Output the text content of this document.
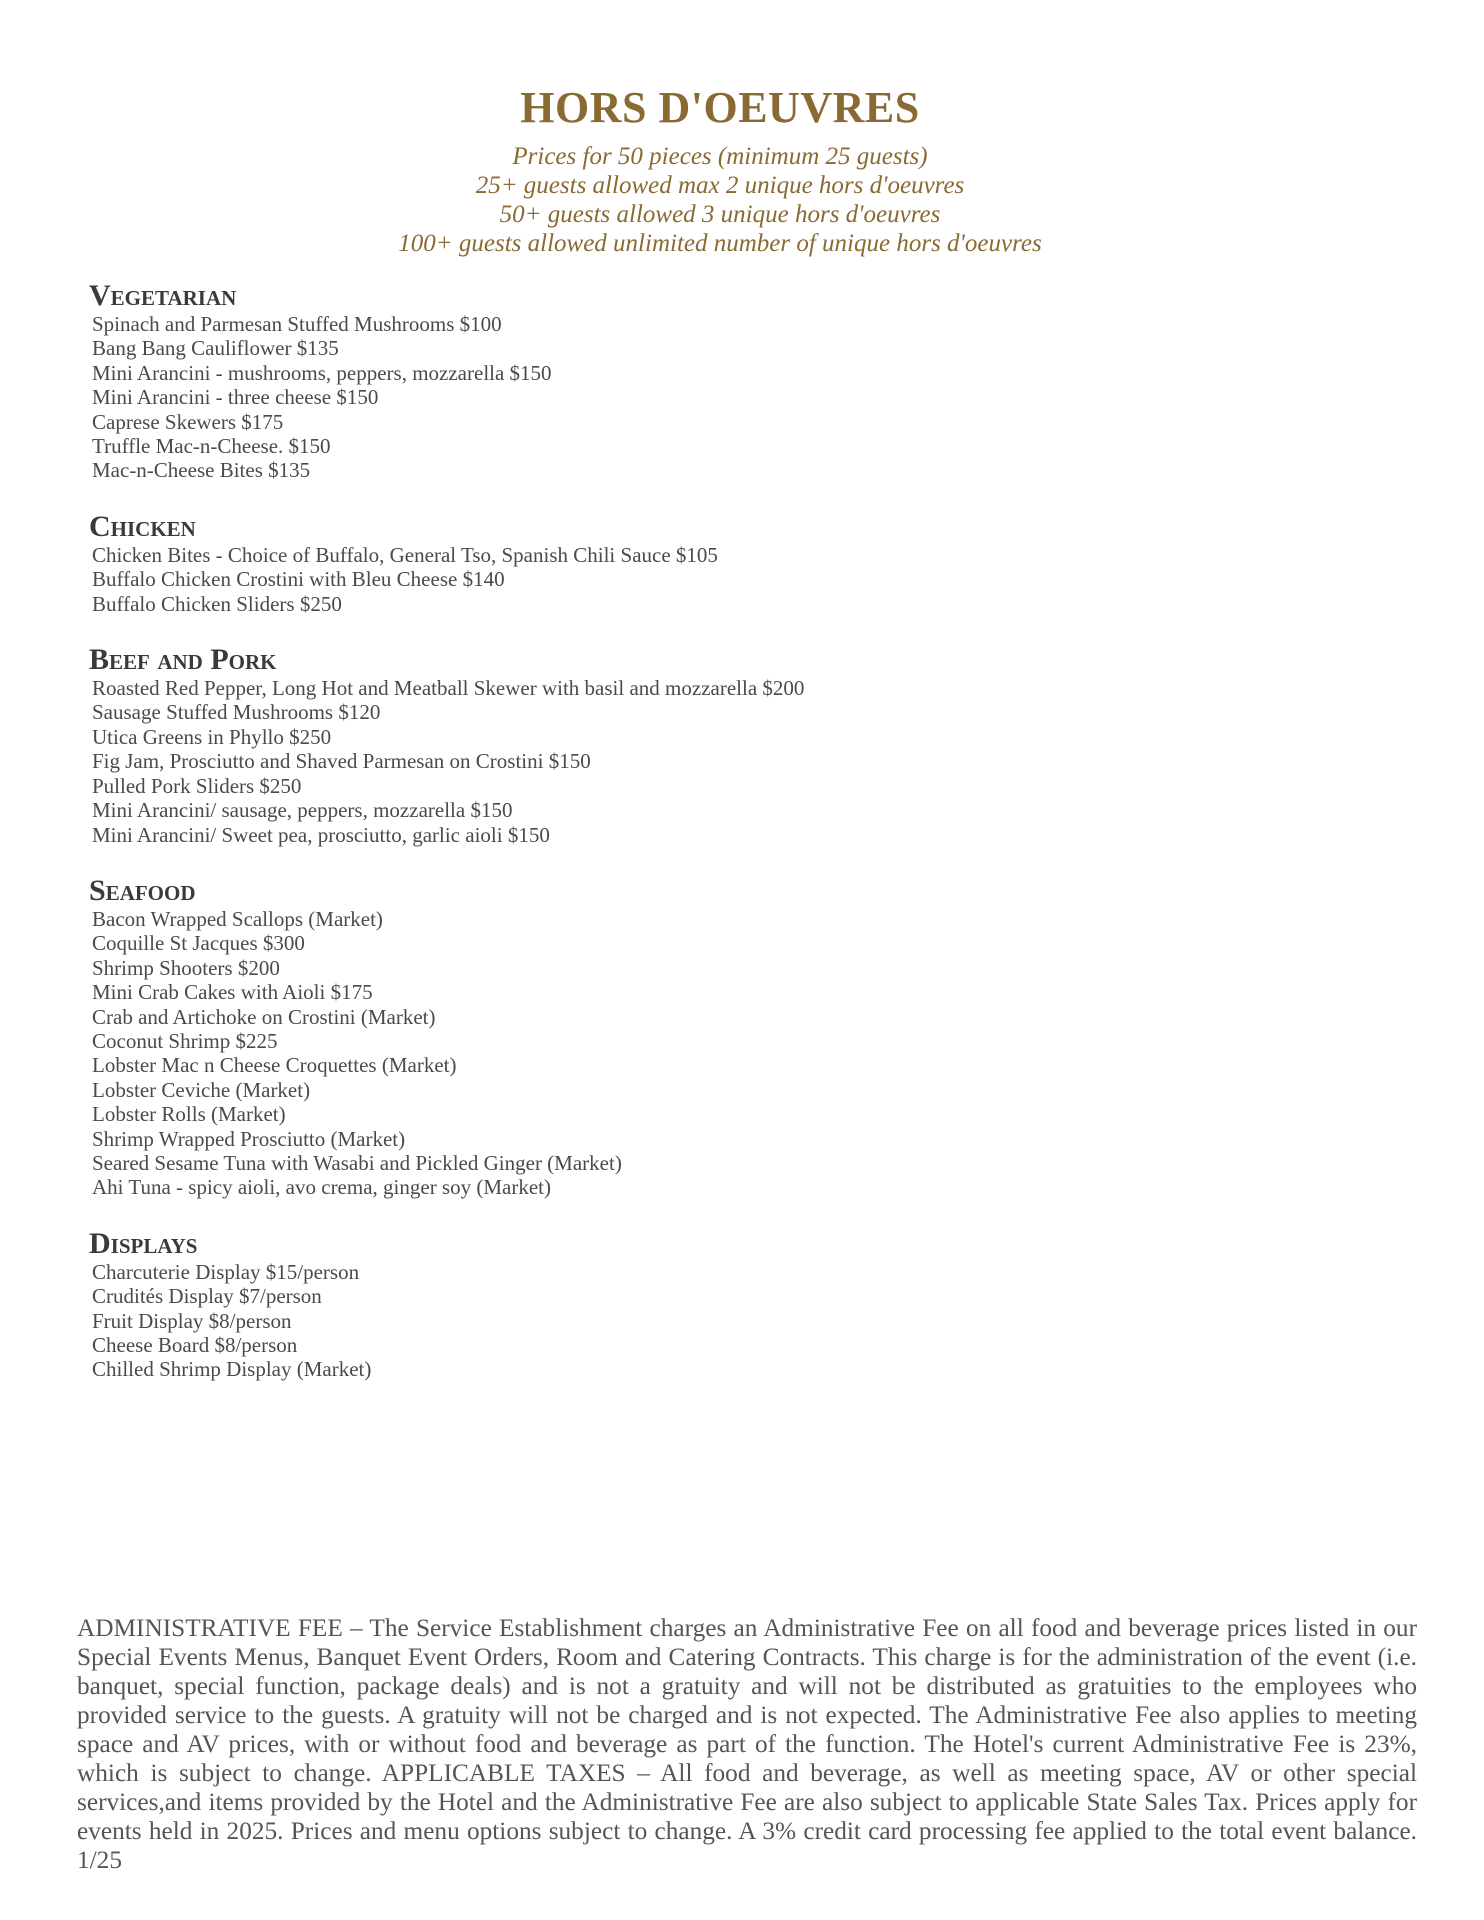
HORS D'OEUVRES
Prices for 50 pieces (minimum 25 guests)
25+ guests allowed max 2 unique hors d'oeuvres
50+ guests allowed 3 unique hors d'oeuvres
100+ guests allowed unlimited number of unique hors d'oeuvres
Vegetarian
Spinach and Parmesan Stuffed Mushrooms $100
Bang Bang Cauliflower $135
Mini Arancini - mushrooms, peppers, mozzarella $150
Mini Arancini - three cheese $150
Caprese Skewers $175
Truffle Mac-n-Cheese. $150
Mac-n-Cheese Bites $135
Chicken
Chicken Bites - Choice of Buffalo, General Tso, Spanish Chili Sauce $105
Buffalo Chicken Crostini with Bleu Cheese $140
Buffalo Chicken Sliders $250
Beef and Pork
Roasted Red Pepper, Long Hot and Meatball Skewer with basil and mozzarella $200
Sausage Stuffed Mushrooms $120
Utica Greens in Phyllo $250
Fig Jam, Prosciutto and Shaved Parmesan on Crostini $150
Pulled Pork Sliders $250
Mini Arancini/ sausage, peppers, mozzarella $150
Mini Arancini/ Sweet pea, prosciutto, garlic aioli $150
Seafood
Bacon Wrapped Scallops (Market)
Coquille St Jacques $300
Shrimp Shooters $200
Mini Crab Cakes with Aioli $175
Crab and Artichoke on Crostini (Market)
Coconut Shrimp $225
Lobster Mac n Cheese Croquettes (Market)
Lobster Ceviche (Market)
Lobster Rolls (Market)
Shrimp Wrapped Prosciutto (Market)
Seared Sesame Tuna with Wasabi and Pickled Ginger (Market)
Ahi Tuna - spicy aioli, avo crema, ginger soy (Market)
Displays
Charcuterie Display $15/person
Crudités Display $7/person
Fruit Display $8/person
Cheese Board $8/person
Chilled Shrimp Display (Market)
ADMINISTRATIVE FEE – The Service Establishment charges an Administrative Fee on all food and beverage prices listed in our Special Events Menus, Banquet Event Orders, Room and Catering Contracts. This charge is for the administration of the event (i.e. banquet, special function, package deals) and is not a gratuity and will not be distributed as gratuities to the employees who provided service to the guests. A gratuity will not be charged and is not expected. The Administrative Fee also applies to meeting space and AV prices, with or without food and beverage as part of the function. The Hotel's current Administrative Fee is 23%, which is subject to change. APPLICABLE TAXES – All food and beverage, as well as meeting space, AV or other special services,and items provided by the Hotel and the Administrative Fee are also subject to applicable State Sales Tax. Prices apply for events held in 2025. Prices and menu options subject to change. A 3% credit card processing fee applied to the total event balance. 1/25
